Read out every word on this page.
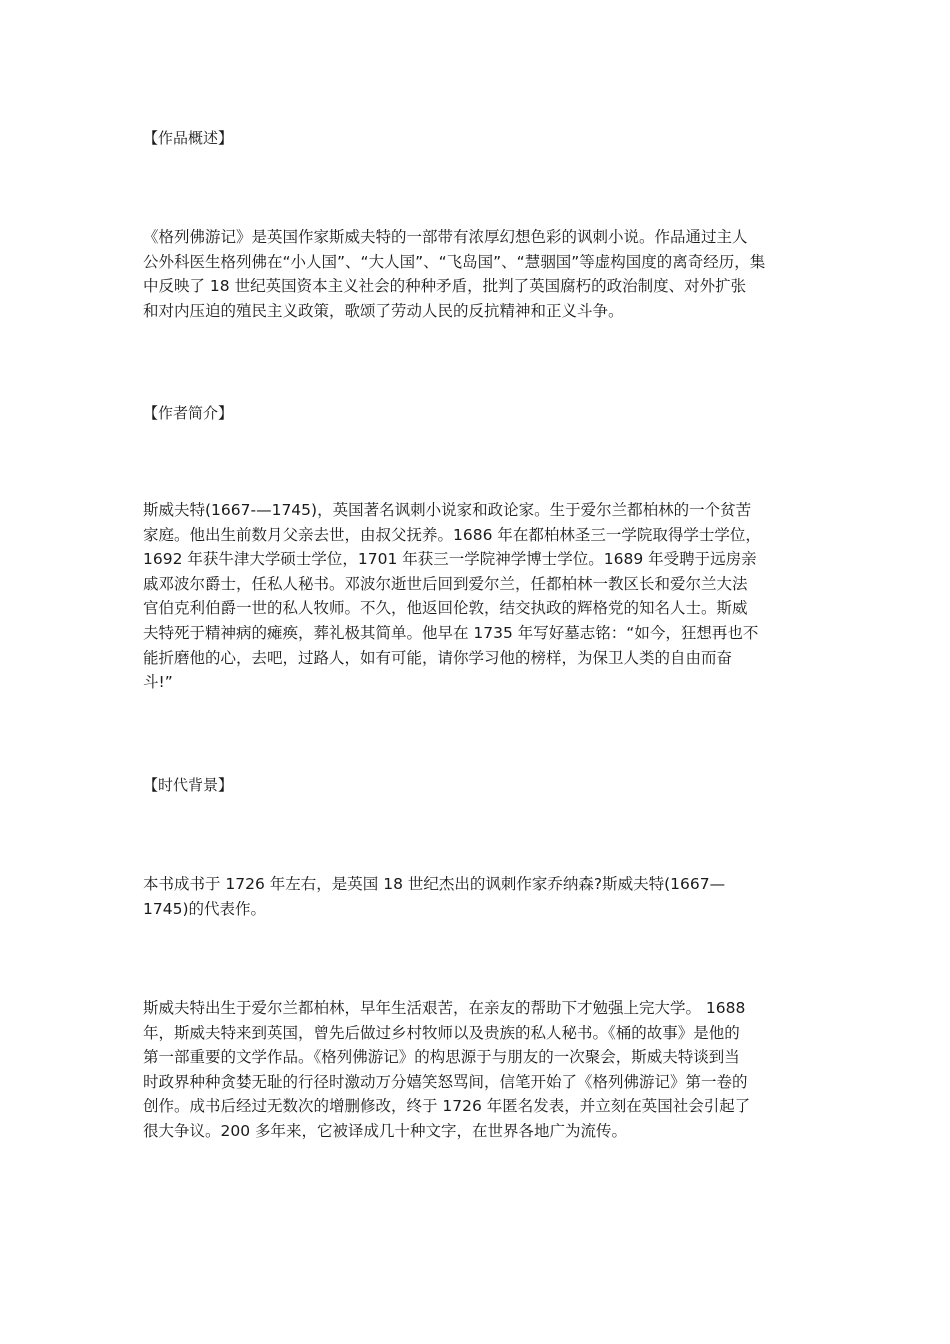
【作品概述】
《格列佛游记》是英国作家斯威夫特的一部带有浓厚幻想色彩的讽刺小说。作品通过主人
公外科医生格列佛在“小人国”、“大人国”、“飞岛国”、“慧骃国”等虚构国度的离奇经历，集
中反映了 18 世纪英国资本主义社会的种种矛盾，批判了英国腐朽的政治制度、对外扩张
和对内压迫的殖民主义政策，歌颂了劳动人民的反抗精神和正义斗争。
【作者简介】
斯威夫特(1667-—1745)，英国著名讽刺小说家和政论家。生于爱尔兰都柏林的一个贫苦
家庭。他出生前数月父亲去世，由叔父抚养。1686 年在都柏林圣三一学院取得学士学位，
1692 年获牛津大学硕士学位，1701 年获三一学院神学博士学位。1689 年受聘于远房亲
戚邓波尔爵士，任私人秘书。邓波尔逝世后回到爱尔兰，任都柏林一教区长和爱尔兰大法
官伯克利伯爵一世的私人牧师。不久，他返回伦敦，结交执政的辉格党的知名人士。斯威
夫特死于精神病的瘫痪，葬礼极其简单。他早在 1735 年写好墓志铭：“如今，狂想再也不
能折磨他的心，去吧，过路人，如有可能，请你学习他的榜样，为保卫人类的自由而奋
斗!”
【时代背景】
本书成书于 1726 年左右，是英国 18 世纪杰出的讽刺作家乔纳森?斯威夫特(1667—
1745)的代表作。
斯威夫特出生于爱尔兰都柏林，早年生活艰苦，在亲友的帮助下才勉强上完大学。 1688
年，斯威夫特来到英国，曾先后做过乡村牧师以及贵族的私人秘书。《桶的故事》是他的
第一部重要的文学作品。《格列佛游记》的构思源于与朋友的一次聚会，斯威夫特谈到当
时政界种种贪婪无耻的行径时激动万分嬉笑怒骂间，信笔开始了《格列佛游记》第一卷的
创作。成书后经过无数次的增删修改，终于 1726 年匿名发表，并立刻在英国社会引起了
很大争议。200 多年来，它被译成几十种文字，在世界各地广为流传。
